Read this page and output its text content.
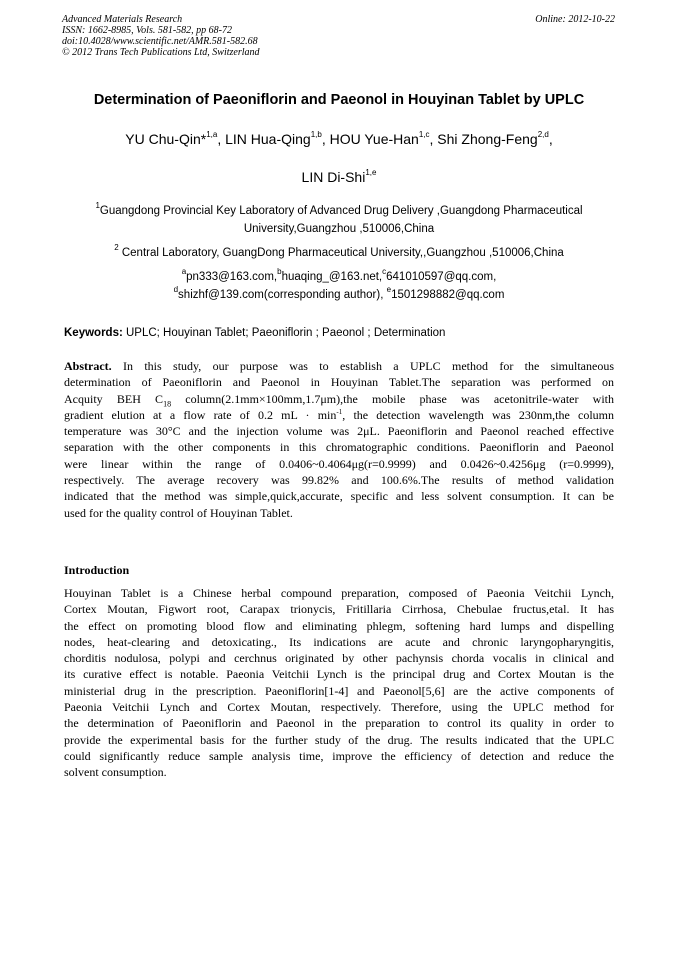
Advanced Materials Research
ISSN: 1662-8985, Vols. 581-582, pp 68-72
doi:10.4028/www.scientific.net/AMR.581-582.68
© 2012 Trans Tech Publications Ltd, Switzerland
Online: 2012-10-22
Determination of Paeoniflorin and Paeonol in Houyinan Tablet by UPLC
YU Chu-Qin*$^{1,a}$, LIN Hua-Qing$^{1,b}$, HOU Yue-Han$^{1,c}$, Shi Zhong-Feng$^{2,d}$,
LIN Di-Shi$^{1,e}$
$^1$Guangdong Provincial Key Laboratory of Advanced Drug Delivery ,Guangdong Pharmaceutical
University,Guangzhou ,510006,China
$^2$ Central Laboratory, GuangDong Pharmaceutical University,,Guangzhou ,510006,China
$^a$pn333@163.com,$^b$huaqing_@163.net,$^c$641010597@qq.com,
$^d$shizhf@139.com(corresponding author), $^e$1501298882@qq.com
Keywords: UPLC; Houyinan Tablet; Paeoniflorin ; Paeonol ; Determination
Abstract. In this study, our purpose was to establish a UPLC method for the simultaneous
determination of Paeoniflorin and Paeonol in Houyinan Tablet.The separation was performed on
Acquity BEH $C_{18}$ column(2.1mm×100mm,1.7μm),the mobile phase was acetonitrile-water with
gradient elution at a flow rate of 0.2 mL · $\min^{-1}$, the detection wavelength was 230nm,the column
temperature was 30°C and the injection volume was 2μL. Paeoniflorin and Paeonol reached effective
separation with the other components in this chromatographic conditions. Paeoniflorin and Paeonol
were linear within the range of 0.0406~0.4064μg(r=0.9999) and 0.0426~0.4256μg (r=0.9999),
respectively. The average recovery was 99.82% and 100.6%.The results of method validation
indicated that the method was simple,quick,accurate, specific and less solvent consumption. It can be
used for the quality control of Houyinan Tablet.
Introduction
Houyinan Tablet is a Chinese herbal compound preparation, composed of Paeonia Veitchii Lynch,
Cortex Moutan, Figwort root, Carapax trionycis, Fritillaria Cirrhosa, Chebulae fructus,etal. It has
the effect on promoting blood flow and eliminating phlegm, softening hard lumps and dispelling
nodes, heat-clearing and detoxicating., Its indications are acute and chronic laryngopharyngitis,
chorditis nodulosa, polypi and cerchnus originated by other pachynsis chorda vocalis in clinical and
its curative effect is notable. Paeonia Veitchii Lynch is the principal drug and Cortex Moutan is the
ministerial drug in the prescription. Paeoniflorin[1-4] and Paeonol[5,6] are the active components of
Paeonia Veitchii Lynch and Cortex Moutan, respectively. Therefore, using the UPLC method for
the determination of Paeoniflorin and Paeonol in the preparation to control its quality in order to
provide the experimental basis for the further study of the drug. The results indicated that the UPLC
could significantly reduce sample analysis time, improve the efficiency of detection and reduce the
solvent consumption.
